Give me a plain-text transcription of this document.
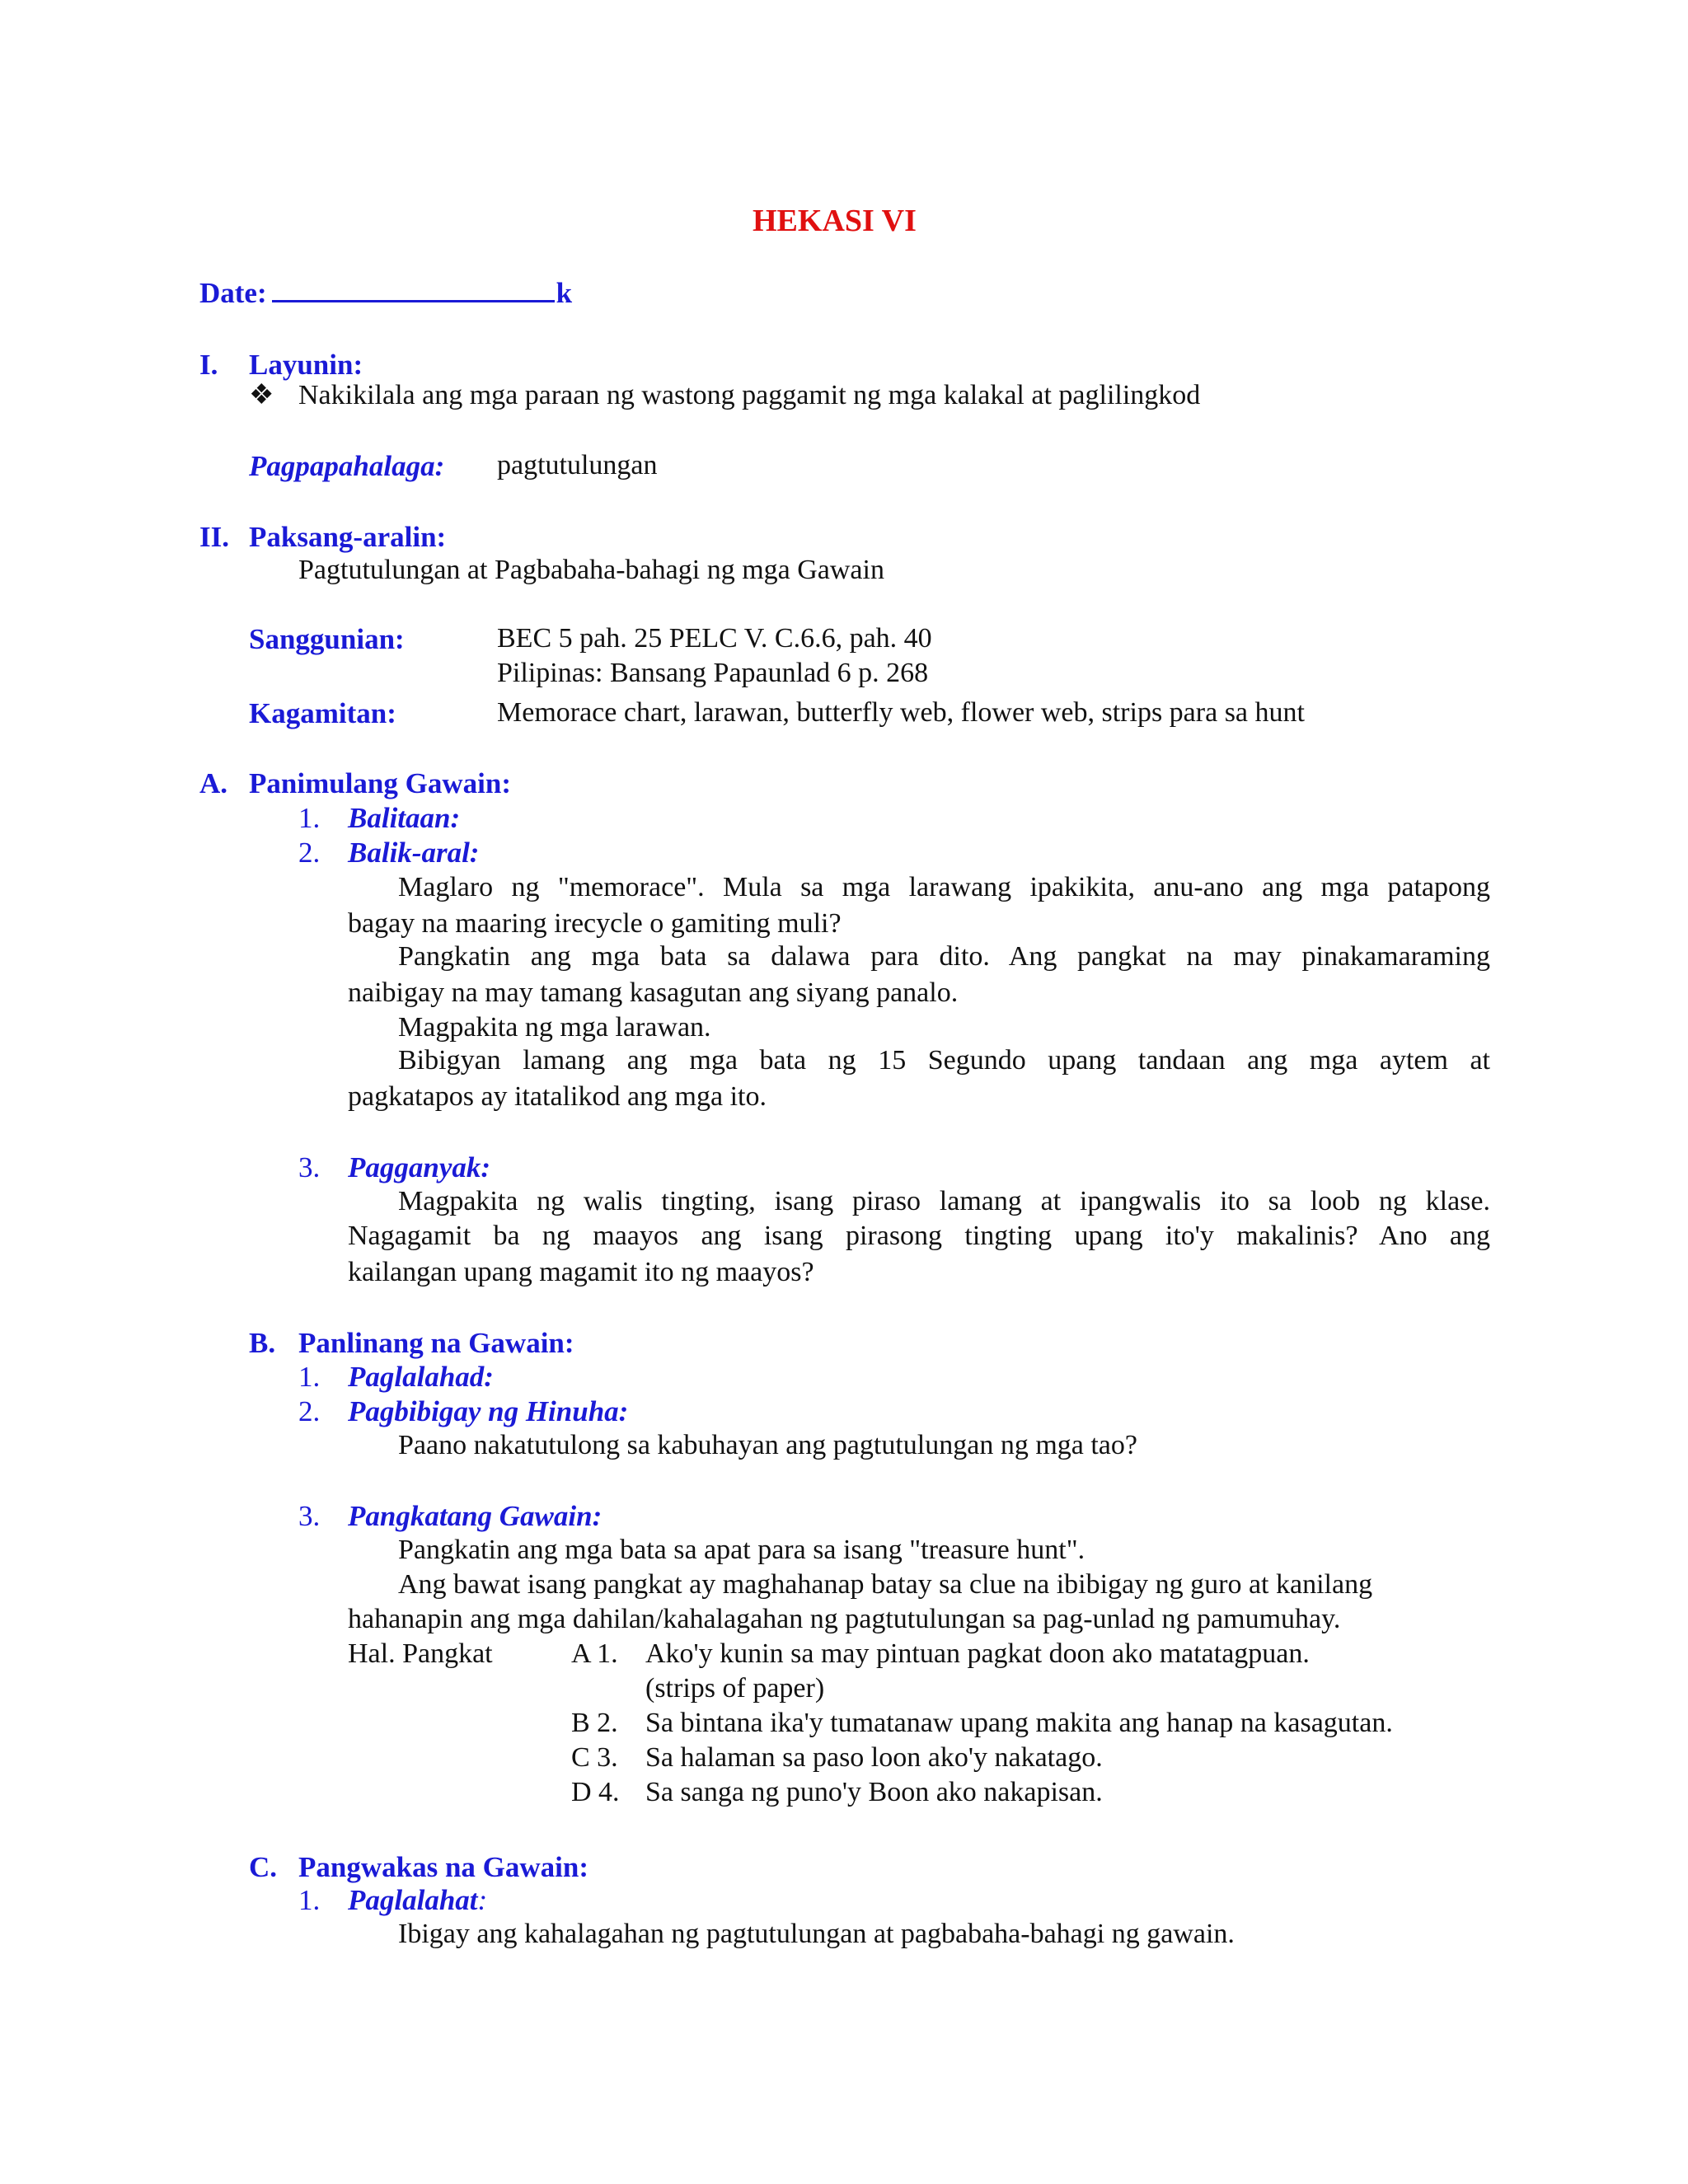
HEKASI VI
Date:	k
I. Layunin:
❖ Nakikilala ang mga paraan ng wastong paggamit ng mga kalakal at paglilingkod
Pagpapahalaga: pagtutulungan
II. Paksang-aralin:
Pagtutulungan at Pagbabaha-bahagi ng mga Gawain
Sanggunian:	BEC 5 pah. 25 PELC V. C.6.6, pah. 40
Pilipinas: Bansang Papaunlad 6 p. 268
Kagamitan:	Memorace chart, larawan, butterfly web, flower web, strips para sa hunt
A. Panimulang Gawain:
1. Balitaan:
2. Balik-aral:
Maglaro ng "memorace". Mula sa mga larawang ipakikita, anu-ano ang mga patapong
bagay na maaring irecycle o gamiting muli?
Pangkatin ang mga bata sa dalawa para dito. Ang pangkat na may pinakamaraming
naibigay na may tamang kasagutan ang siyang panalo.
Magpakita ng mga larawan.
Bibigyan lamang ang mga bata ng 15 Segundo upang tandaan ang mga aytem at
pagkatapos ay itatalikod ang mga ito.
3. Pagganyak:
Magpakita ng walis tingting, isang piraso lamang at ipangwalis ito sa loob ng klase.
Nagagamit ba ng maayos ang isang pirasong tingting upang ito'y makalinis? Ano ang
kailangan upang magamit ito ng maayos?
B. Panlinang na Gawain:
1. Paglalahad:
2. Pagbibigay ng Hinuha:
Paano nakatutulong sa kabuhayan ang pagtutulungan ng mga tao?
3. Pangkatang Gawain:
Pangkatin ang mga bata sa apat para sa isang "treasure hunt".
Ang bawat isang pangkat ay maghahanap batay sa clue na ibibigay ng guro at kanilang
hahanapin ang mga dahilan/kahalagahan ng pagtutulungan sa pag-unlad ng pamumuhay.
Hal. Pangkat	A 1. Ako'y kunin sa may pintuan pagkat doon ako matatagpuan.
(strips of paper)
B 2. Sa bintana ika'y tumatanaw upang makita ang hanap na kasagutan.
C 3. Sa halaman sa paso loon ako'y nakatago.
D 4. Sa sanga ng puno'y Boon ako nakapisan.
C. Pangwakas na Gawain:
1. Paglalahat:
Ibigay ang kahalagahan ng pagtutulungan at pagbabaha-bahagi ng gawain.
